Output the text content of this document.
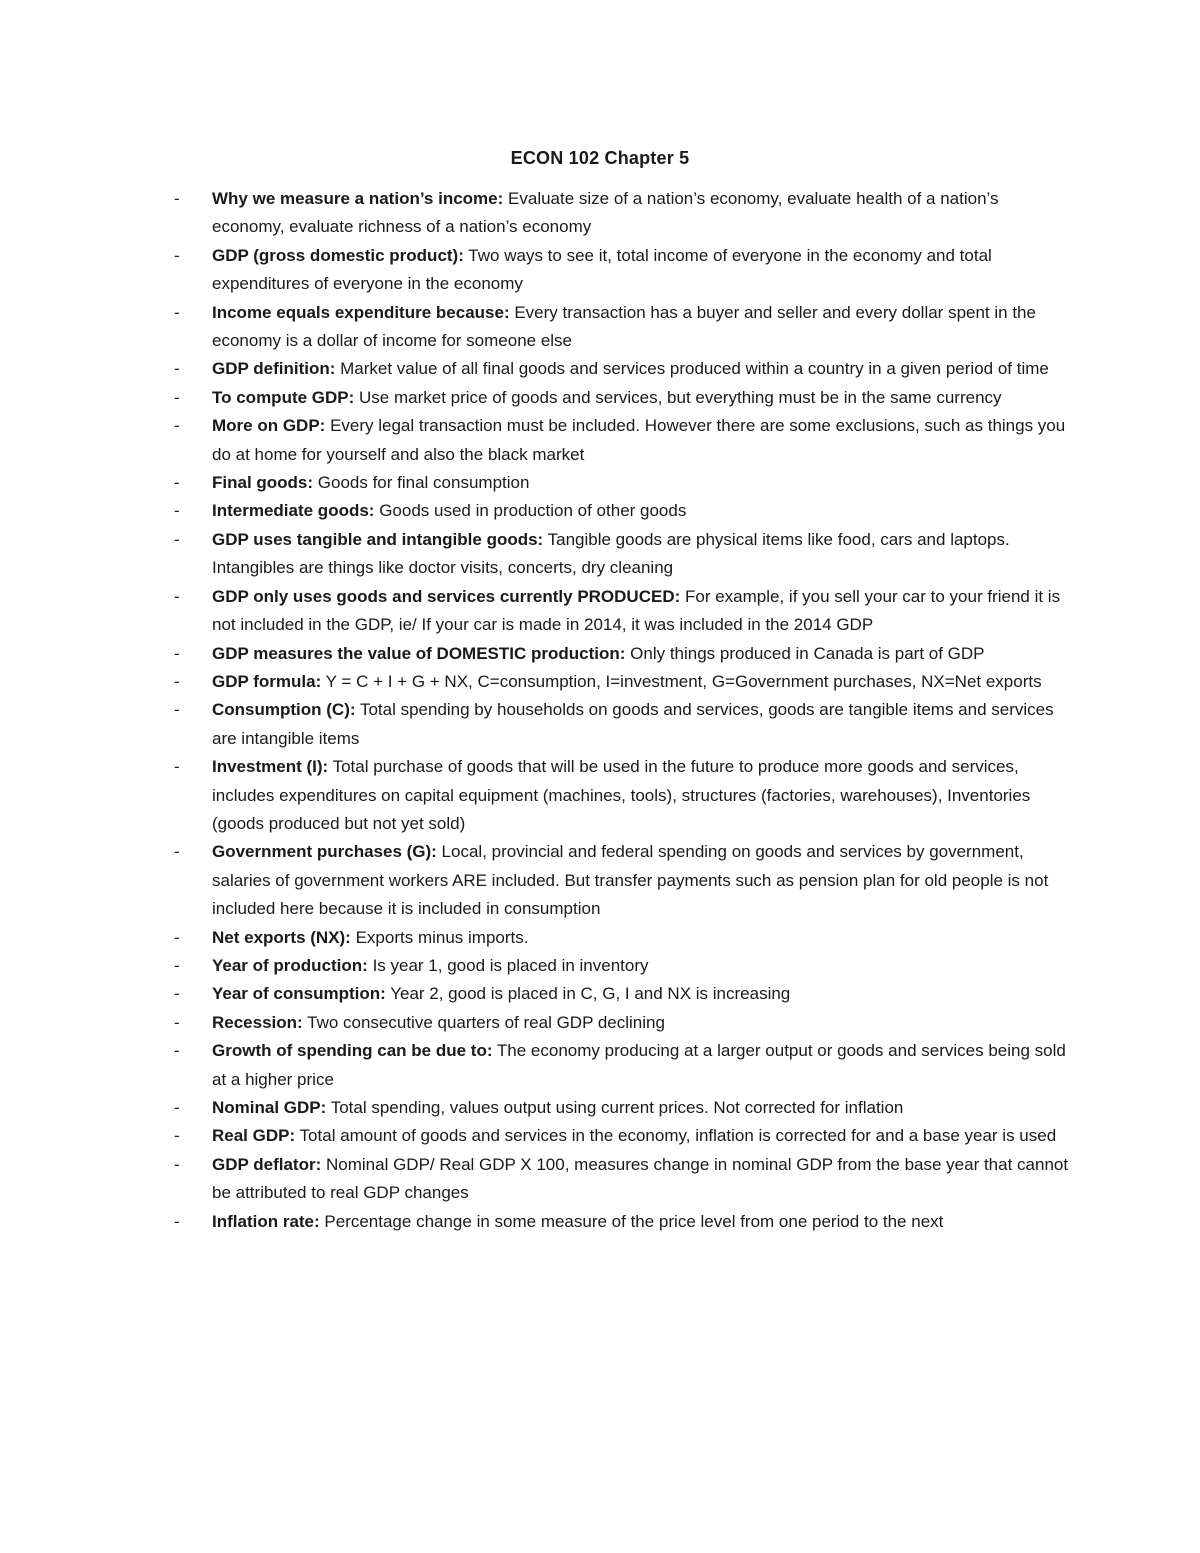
ECON 102 Chapter 5
- Why we measure a nation’s income: Evaluate size of a nation’s economy, evaluate health of a nation’s economy, evaluate richness of a nation’s economy
- GDP (gross domestic product): Two ways to see it, total income of everyone in the economy and total expenditures of everyone in the economy
- Income equals expenditure because: Every transaction has a buyer and seller and every dollar spent in the economy is a dollar of income for someone else
- GDP definition: Market value of all final goods and services produced within a country in a given period of time
- To compute GDP: Use market price of goods and services, but everything must be in the same currency
- More on GDP: Every legal transaction must be included. However there are some exclusions, such as things you do at home for yourself and also the black market
- Final goods: Goods for final consumption
- Intermediate goods: Goods used in production of other goods
- GDP uses tangible and intangible goods: Tangible goods are physical items like food, cars and laptops. Intangibles are things like doctor visits, concerts, dry cleaning
- GDP only uses goods and services currently PRODUCED: For example, if you sell your car to your friend it is not included in the GDP, ie/ If your car is made in 2014, it was included in the 2014 GDP
- GDP measures the value of DOMESTIC production: Only things produced in Canada is part of GDP
- GDP formula: Y = C + I + G + NX, C=consumption, I=investment, G=Government purchases, NX=Net exports
- Consumption (C): Total spending by households on goods and services, goods are tangible items and services are intangible items
- Investment (I): Total purchase of goods that will be used in the future to produce more goods and services, includes expenditures on capital equipment (machines, tools), structures (factories, warehouses), Inventories (goods produced but not yet sold)
- Government purchases (G): Local, provincial and federal spending on goods and services by government, salaries of government workers ARE included. But transfer payments such as pension plan for old people is not included here because it is included in consumption
- Net exports (NX): Exports minus imports.
- Year of production: Is year 1, good is placed in inventory
- Year of consumption: Year 2, good is placed in C, G, I and NX is increasing
- Recession: Two consecutive quarters of real GDP declining
- Growth of spending can be due to: The economy producing at a larger output or goods and services being sold at a higher price
- Nominal GDP: Total spending, values output using current prices. Not corrected for inflation
- Real GDP: Total amount of goods and services in the economy, inflation is corrected for and a base year is used
- GDP deflator: Nominal GDP/ Real GDP X 100, measures change in nominal GDP from the base year that cannot be attributed to real GDP changes
- Inflation rate: Percentage change in some measure of the price level from one period to the next
